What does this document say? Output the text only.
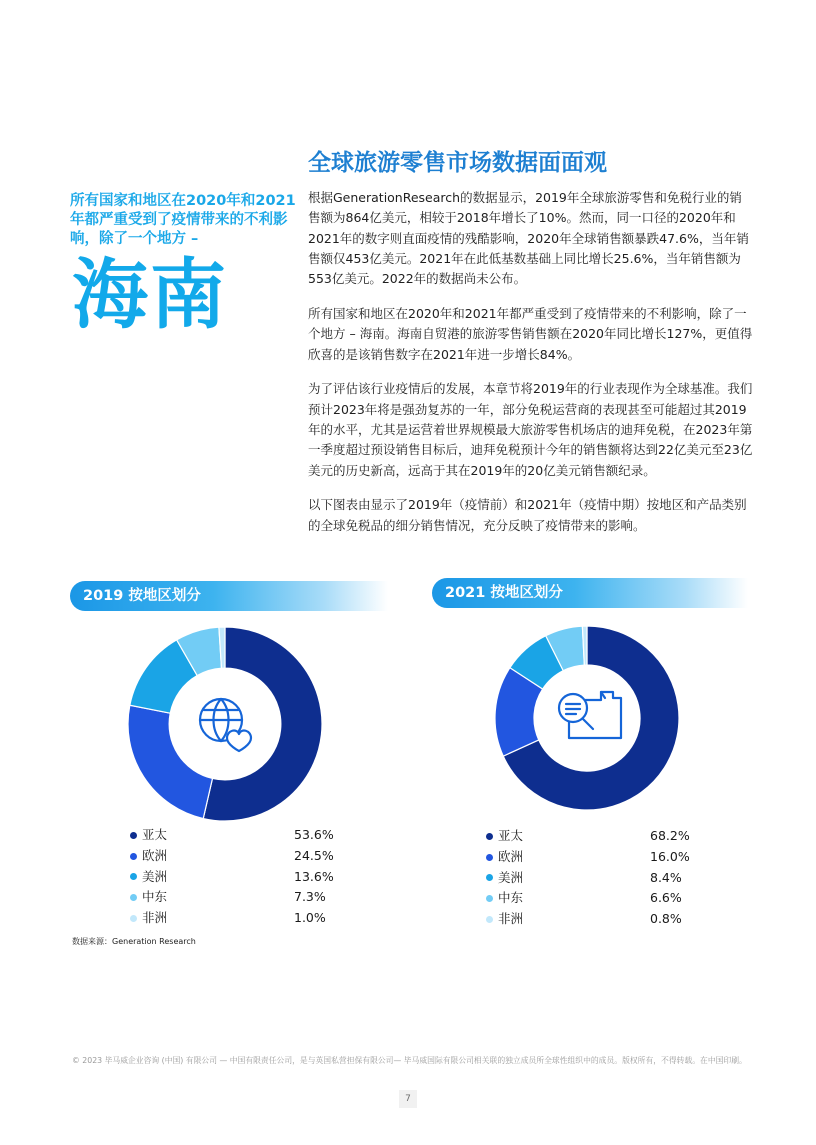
所有国家和地区在2020年和2021年都严重受到了疫情带来的不利影响，除了一个地方 –
海南
全球旅游零售市场数据面面观

根据GenerationResearch的数据显示，2019年全球旅游零售和免税行业的销售额为864亿美元，相较于2018年增长了10%。然而，同一口径的2020年和2021年的数字则直面疫情的残酷影响，2020年全球销售额暴跌47.6%，当年销售额仅453亿美元。2021年在此低基数基础上同比增长25.6%，当年销售额为553亿美元。2022年的数据尚未公布。

所有国家和地区在2020年和2021年都严重受到了疫情带来的不利影响，除了一个地方 – 海南。海南自贸港的旅游零售销售额在2020年同比增长127%，更值得欣喜的是该销售数字在2021年进一步增长84%。

为了评估该行业疫情后的发展，本章节将2019年的行业表现作为全球基准。我们预计2023年将是强劲复苏的一年，部分免税运营商的表现甚至可能超过其2019年的水平，尤其是运营着世界规模最大旅游零售机场店的迪拜免税，在2023年第一季度超过预设销售目标后，迪拜免税预计今年的销售额将达到22亿美元至23亿美元的历史新高，远高于其在2019年的20亿美元销售额纪录。

以下图表由显示了2019年（疫情前）和2021年（疫情中期）按地区和产品类别的全球免税品的细分销售情况，充分反映了疫情带来的影响。

2019 按地区划分	2021 按地区划分
亚太	53.6%
欧洲	24.5%
美洲	13.6%
中东	7.3%
非洲	1.0%
亚太	68.2%
欧洲	16.0%
美洲	8.4%
中东	6.6%
非洲	0.8%
数据来源：Generation Research
© 2023 毕马威企业咨询 (中国) 有限公司 — 中国有限责任公司，是与英国私营担保有限公司— 毕马威国际有限公司相关联的独立成员所全球性组织中的成员。版权所有，不得转载。在中国印刷。
7
